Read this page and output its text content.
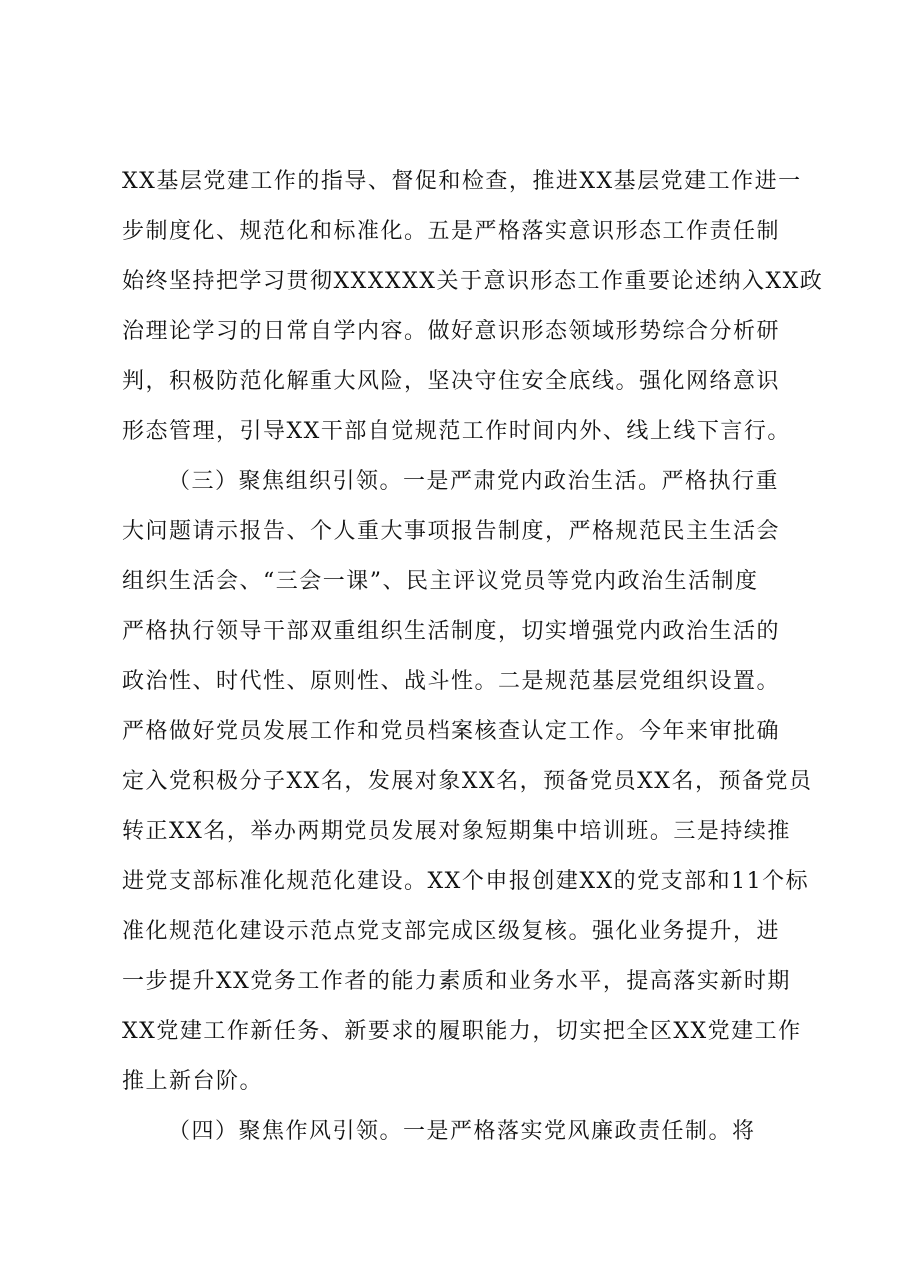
XX基层党建工作的指导、督促和检查，推进XX基层党建工作进一
步制度化、规范化和标准化。五是严格落实意识形态工作责任制
始终坚持把学习贯彻XXXXXX关于意识形态工作重要论述纳入XX政
治理论学习的日常自学内容。做好意识形态领域形势综合分析研
判，积极防范化解重大风险，坚决守住安全底线。强化网络意识
形态管理，引导XX干部自觉规范工作时间内外、线上线下言行。
（三）聚焦组织引领。一是严肃党内政治生活。严格执行重
大问题请示报告、个人重大事项报告制度，严格规范民主生活会
组织生活会、“三会一课”、民主评议党员等党内政治生活制度
严格执行领导干部双重组织生活制度，切实增强党内政治生活的
政治性、时代性、原则性、战斗性。二是规范基层党组织设置。
严格做好党员发展工作和党员档案核查认定工作。今年来审批确
定入党积极分子XX名，发展对象XX名，预备党员XX名，预备党员
转正XX名，举办两期党员发展对象短期集中培训班。三是持续推
进党支部标准化规范化建设。XX个申报创建XX的党支部和11个标
准化规范化建设示范点党支部完成区级复核。强化业务提升，进
一步提升XX党务工作者的能力素质和业务水平，提高落实新时期
XX党建工作新任务、新要求的履职能力，切实把全区XX党建工作
推上新台阶。
（四）聚焦作风引领。一是严格落实党风廉政责任制。将
